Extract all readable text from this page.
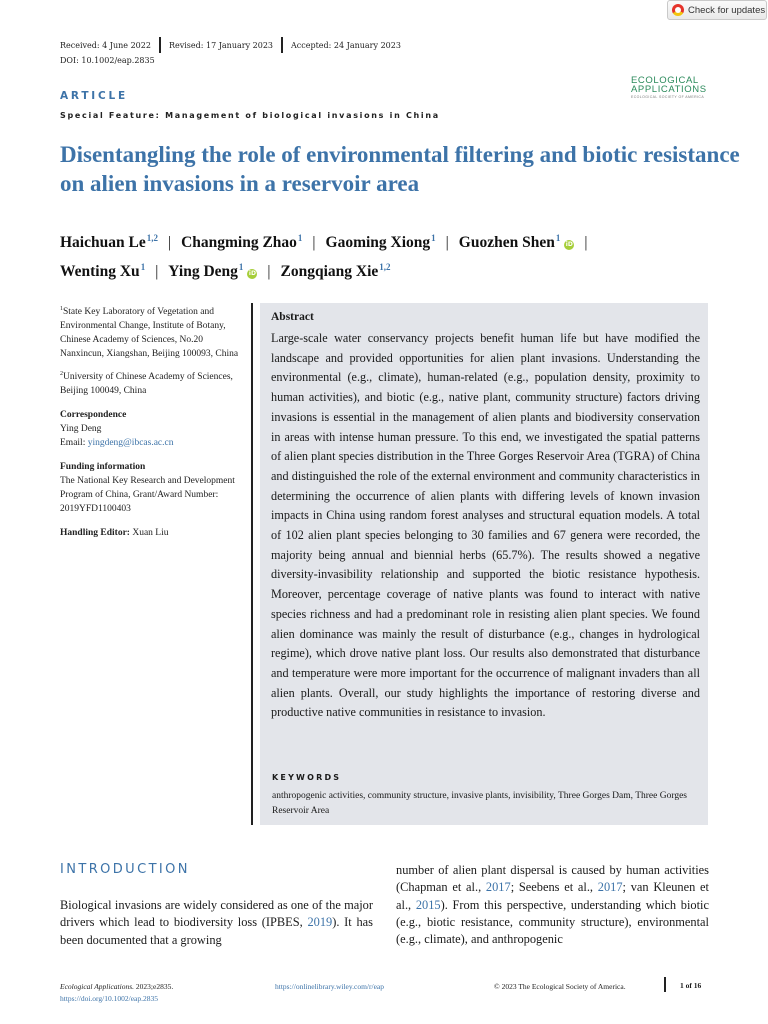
Check for updates
Received: 4 June 2022 Revised: 17 January 2023 Accepted: 24 January 2023
DOI: 10.1002/eap.2835
ECOLOGICAL
APPLICATIONS
ECOLOGICAL SOCIETY OF AMERICA
ARTICLE
Special Feature: Management of biological invasions in China
Disentangling the role of environmental filtering and biotic resistance on alien invasions in a reservoir area
Haichuan Le$^{1,2}$ | Changming Zhao$^1$ | Gaoming Xiong$^1$ | Guozhen Shen$^1$iD |
Wenting Xu$^1$ | Ying Deng$^1$iD | Zongqiang Xie$^{1,2}$

$^1$State Key Laboratory of Vegetation and Environmental Change, Institute of Botany, Chinese Academy of Sciences, No.20 Nanxincun, Xiangshan, Beijing 100093, China

$^2$University of Chinese Academy of Sciences, Beijing 100049, China

Correspondence

Ying Deng

Email: yingdeng@ibcas.ac.cn

Funding information

The National Key Research and Development Program of China, Grant/Award Number: 2019YFD1100403

Handling Editor: Xuan Liu

Abstract
Large-scale water conservancy projects benefit human life but have modified the landscape and provided opportunities for alien plant invasions. Understanding the environmental (e.g., climate), human-related (e.g., population density, proximity to human activities), and biotic (e.g., native plant, community structure) factors driving invasions is essential in the management of alien plants and biodiversity conservation in areas with intense human pressure. To this end, we investigated the spatial patterns of alien plant species distribution in the Three Gorges Reservoir Area (TGRA) of China and distinguished the role of the external environment and community characteristics in determining the occurrence of alien plants with differing levels of known invasion impacts in China using random forest analyses and structural equation models. A total of 102 alien plant species belonging to 30 families and 67 genera were recorded, the majority being annual and biennial herbs (65.7%). The results showed a negative diversity-invasibility relationship and supported the biotic resistance hypothesis. Moreover, percentage coverage of native plants was found to interact with native species richness and had a predominant role in resisting alien plant species. We found alien dominance was mainly the result of disturbance (e.g., changes in hydrological regime), which drove native plant loss. Our results also demonstrated that disturbance and temperature were more important for the occurrence of malignant invaders than all alien plants. Overall, our study highlights the importance of restoring diverse and productive native communities in resistance to invasion.
KEYWORDS
anthropogenic activities, community structure, invasive plants, invisibility, Three Gorges Dam, Three Gorges Reservoir Area
INTRODUCTION
Biological invasions are widely considered as one of the major drivers which lead to biodiversity loss (IPBES, 2019). It has been documented that a growing
number of alien plant dispersal is caused by human activities (Chapman et al., 2017; Seebens et al., 2017; van Kleunen et al., 2015). From this perspective, understanding which biotic (e.g., biotic resistance, community structure), environmental (e.g., climate), and anthropogenic
Ecological Applications. 2023;e2835.
https://doi.org/10.1002/eap.2835
https://onlinelibrary.wiley.com/r/eap	© 2023 The Ecological Society of America.	1 of 16
